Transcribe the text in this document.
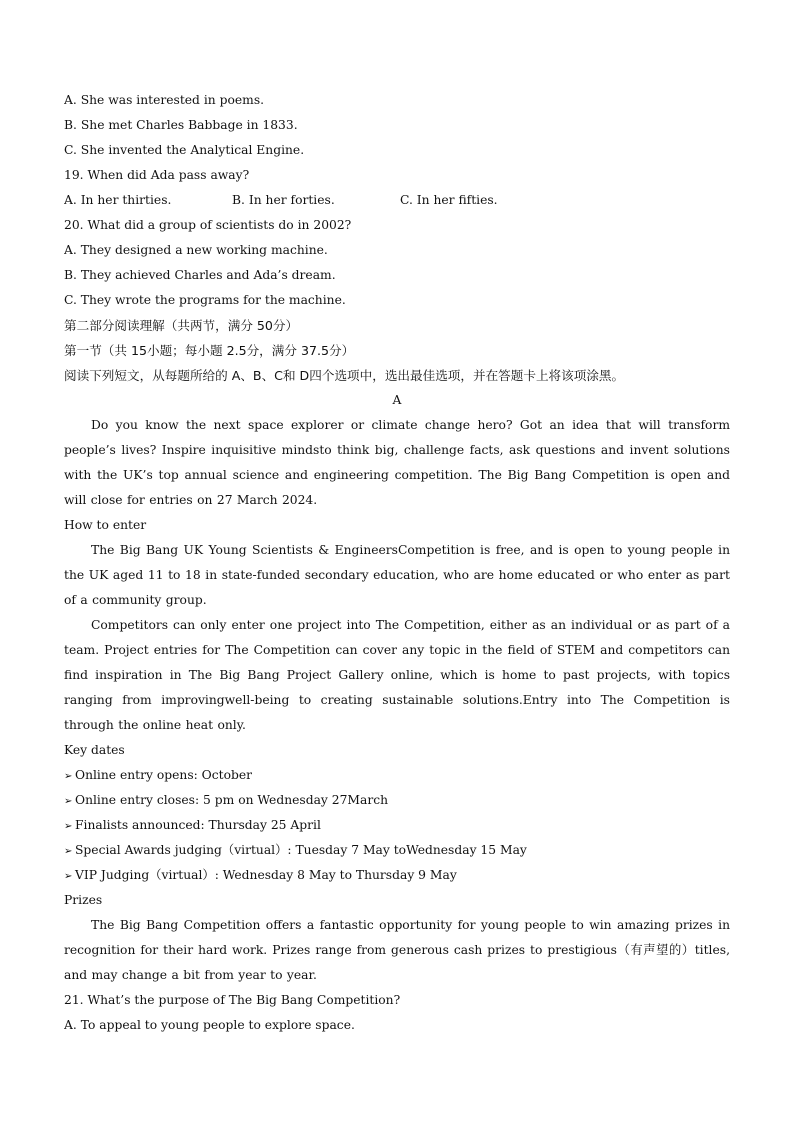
A. She was interested in poems.
B. She met Charles Babbage in 1833.
C. She invented the Analytical Engine.
19. When did Ada pass away?
A. In her thirties.	B. In her forties.	C. In her fifties.
20. What did a group of scientists do in 2002?
A. They designed a new working machine.
B. They achieved Charles and Ada’s dream.
C. They wrote the programs for the machine.
第二部分阅读理解（共两节，满分 50分）
第一节（共 15小题；每小题 2.5分，满分 37.5分）
阅读下列短文，从每题所给的 A、B、C和 D四个选项中，选出最佳选项，并在答题卡上将该项涂黑。
A
Do you know the next space explorer or climate change hero? Got an idea that will transform people’s lives? Inspire inquisitive mindsto think big, challenge facts, ask questions and invent solutions with the UK’s top annual science and engineering competition. The Big Bang Competition is open and will close for entries on 27 March 2024.
How to enter
The Big Bang UK Young Scientists & EngineersCompetition is free, and is open to young people in the UK aged 11 to 18 in state-funded secondary education, who are home educated or who enter as part of a community group.
Competitors can only enter one project into The Competition, either as an individual or as part of a team. Project entries for The Competition can cover any topic in the field of STEM and competitors can find inspiration in The Big Bang Project Gallery online, which is home to past projects, with topics ranging from improvingwell-being to creating sustainable solutions.Entry into The Competition is through the online heat only.
Key dates
➢ Online entry opens: October
➢ Online entry closes: 5 pm on Wednesday 27March
➢ Finalists announced: Thursday 25 April
➢ Special Awards judging（virtual）: Tuesday 7 May toWednesday 15 May
➢ VIP Judging（virtual）: Wednesday 8 May to Thursday 9 May
Prizes
The Big Bang Competition offers a fantastic opportunity for young people to win amazing prizes in recognition for their hard work. Prizes range from generous cash prizes to prestigious（有声望的）titles, and may change a bit from year to year.
21. What’s the purpose of The Big Bang Competition?
A. To appeal to young people to explore space.
